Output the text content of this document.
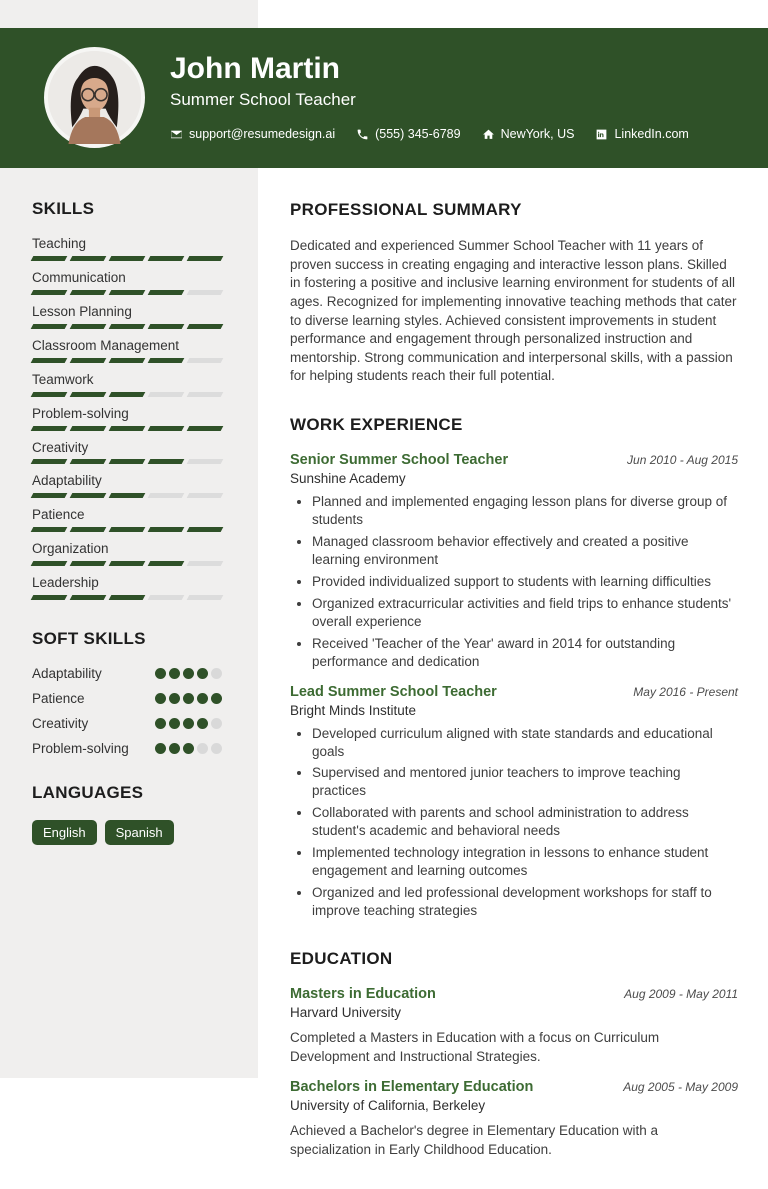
John Martin
Summer School Teacher
support@resumedesign.ai	(555) 345-6789	NewYork, US	LinkedIn.com
SKILLS
Teaching
Communication
Lesson Planning
Classroom Management
Teamwork
Problem-solving
Creativity
Adaptability
Patience
Organization
Leadership
SOFT SKILLS
Adaptability
Patience
Creativity
Problem-solving
LANGUAGES
English	Spanish
PROFESSIONAL SUMMARY

Dedicated and experienced Summer School Teacher with 11 years of proven success in creating engaging and interactive lesson plans. Skilled in fostering a positive and inclusive learning environment for students of all ages. Recognized for implementing innovative teaching methods that cater to diverse learning styles. Achieved consistent improvements in student performance and engagement through personalized instruction and mentorship. Strong communication and interpersonal skills, with a passion for helping students reach their full potential.

WORK EXPERIENCE
Senior Summer School Teacher	Jun 2010 - Aug 2015
Sunshine Academy
• Planned and implemented engaging lesson plans for diverse group of students
• Managed classroom behavior effectively and created a positive learning environment
• Provided individualized support to students with learning difficulties
• Organized extracurricular activities and field trips to enhance students' overall experience
• Received 'Teacher of the Year' award in 2014 for outstanding performance and dedication
Lead Summer School Teacher	May 2016 - Present
Bright Minds Institute
• Developed curriculum aligned with state standards and educational goals
• Supervised and mentored junior teachers to improve teaching practices
• Collaborated with parents and school administration to address student's academic and behavioral needs
• Implemented technology integration in lessons to enhance student engagement and learning outcomes
• Organized and led professional development workshops for staff to improve teaching strategies
EDUCATION
Masters in Education	Aug 2009 - May 2011
Harvard University

Completed a Masters in Education with a focus on Curriculum Development and Instructional Strategies.

Bachelors in Elementary Education	Aug 2005 - May 2009
University of California, Berkeley

Achieved a Bachelor's degree in Elementary Education with a specialization in Early Childhood Education.
